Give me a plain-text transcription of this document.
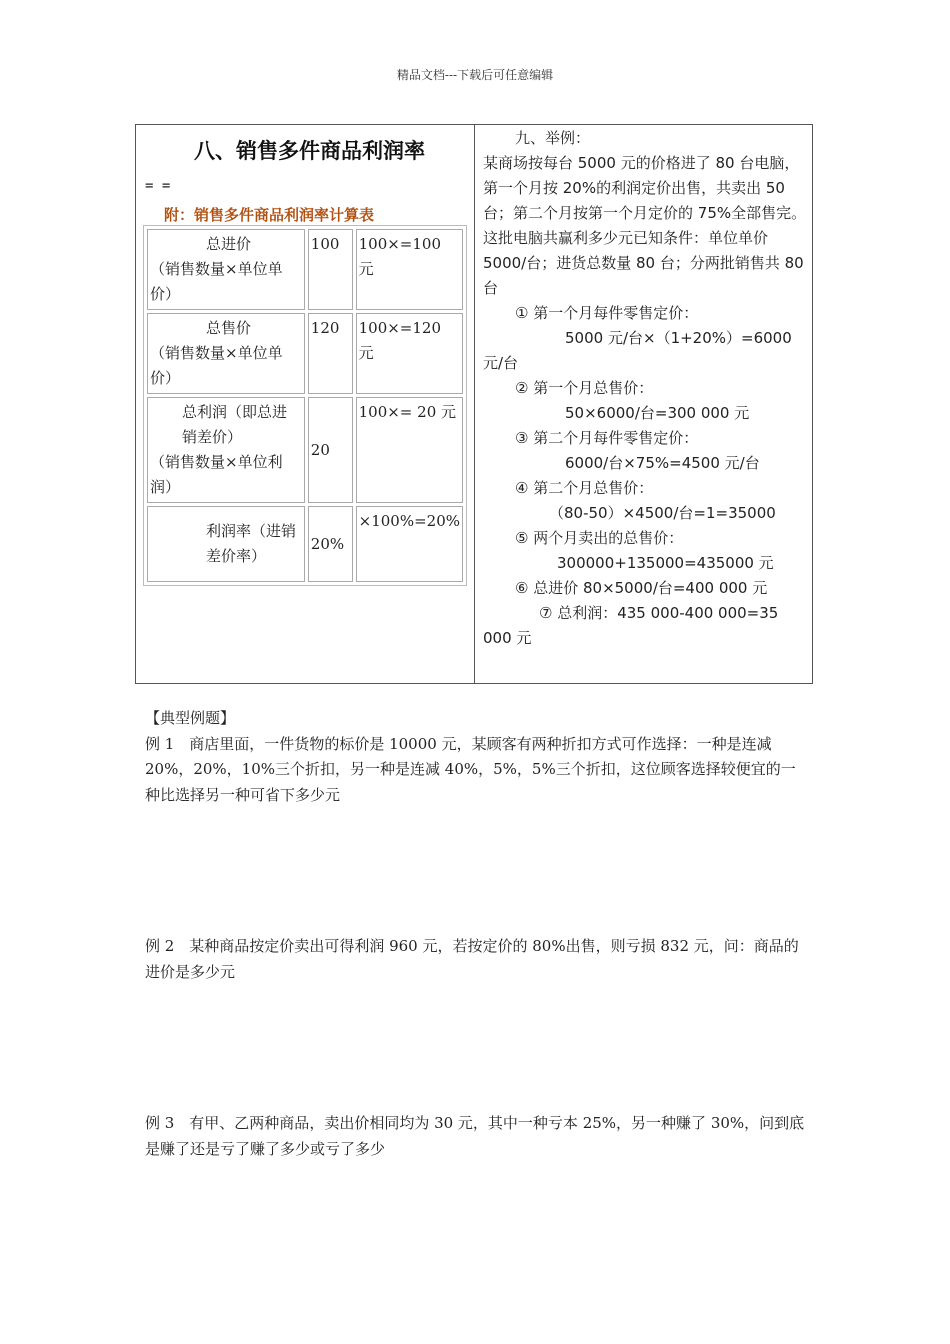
精品文档---下载后可任意编辑
八、销售多件商品利润率
= =
附：销售多件商品利润率计算表
总进价
（销售数量×单位单价）	100	100×=100 元

总售价
（销售数量×单位单价）	120	100×=120 元

总利润（即总进销差价）
（销售数量×单位利润）	20	100×= 20 元

利润率（进销差价率）	20%	×100%=20%

九、举例：

某商场按每台 5000 元的价格进了 80 台电脑，第一个月按 20%的利润定价出售，共卖出 50 台；第二个月按第一个月定价的 75%全部售完。这批电脑共赢利多少元已知条件：单位单价 5000/台；进货总数量 80 台；分两批销售共 80 台

① 第一个月每件零售定价：

5000 元/台×（1+20%）=6000 元/台

② 第一个月总售价：

50×6000/台=300 000 元

③ 第二个月每件零售定价：

6000/台×75%=4500 元/台

④ 第二个月总售价：

（80-50）×4500/台=1=35000

⑤ 两个月卖出的总售价：

300000+135000=435000 元

⑥ 总进价 80×5000/台=400 000 元

⑦ 总利润：435 000-400 000=35 000 元

【典型例题】

例 1　商店里面，一件货物的标价是 10000 元，某顾客有两种折扣方式可作选择：一种是连减 20%，20%，10%三个折扣，另一种是连减 40%，5%，5%三个折扣，这位顾客选择较便宜的一种比选择另一种可省下多少元

例 2　某种商品按定价卖出可得利润 960 元，若按定价的 80%出售，则亏损 832 元，问：商品的进价是多少元

例 3　有甲、乙两种商品，卖出价相同均为 30 元，其中一种亏本 25%，另一种赚了 30%，问到底是赚了还是亏了赚了多少或亏了多少
